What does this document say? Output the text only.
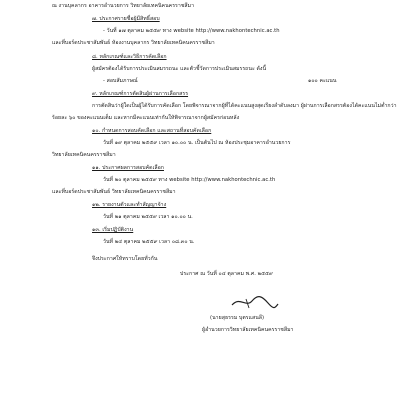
ณ งานบุคลากร อาคารอำนวยการ วิทยาลัยเทคนิคนครราชสีมา
๗. ประกาศรายชื่อผู้มีสิทธิ์สอบ
- วันที่ ๑๗ ตุลาคม ๒๕๕๙ ทาง website http://www.nakhontechnic.ac.th
และที่บอร์ดประชาสัมพันธ์ ห้องงานบุคลากร วิทยาลัยเทคนิคนครราชสีมา
๘. หลักเกณฑ์และวิธีการคัดเลือก
ผู้สมัครต้องได้รับการประเมินสมรรถนะ และตัวชี้วัดการประเมินสมรรถนะ ดังนี้
- สอบสัมภาษณ์	๑๐๐ คะแนน
๙. หลักเกณฑ์การตัดสินผู้ผ่านการเลือกสรร
การตัดสินว่าผู้ใดเป็นผู้ได้รับการคัดเลือก โดยพิจารณาจากผู้ที่ได้คะแนนสูงสุดเรียงลำดับลงมา ผู้ผ่านการเลือกสรรต้องได้คะแนนไม่ต่ำกว่า
ร้อยละ ๖๐ ของคะแนนเต็ม และหากมีคะแนนเท่ากันให้พิจารณาจากผู้สมัครก่อนหลัง
๑๐. กำหนดการสอบคัดเลือก และสถานที่สอบคัดเลือก
วันที่ ๑๙ ตุลาคม ๒๕๕๙ เวลา ๑๐.๐๐ น. เป็นต้นไป ณ ห้องประชุมอาคารอำนวยการ
วิทยาลัยเทคนิคนครราชสีมา
๑๑. ประกาศผลการสอบคัดเลือก
วันที่ ๒๐ ตุลาคม ๒๕๕๙ ทาง website http://www.nakhontechnic.ac.th
และที่บอร์ดประชาสัมพันธ์ วิทยาลัยเทคนิคนครราชสีมา
๑๒. รายงานตัวและทำสัญญาจ้าง
วันที่ ๒๑ ตุลาคม ๒๕๕๙ เวลา ๑๐.๐๐ น.
๑๓. เริ่มปฏิบัติงาน
วันที่ ๒๔ ตุลาคม ๒๕๕๙ เวลา ๐๘.๓๐ น.
จึงประกาศให้ทราบโดยทั่วกัน
ประกาศ ณ วันที่ ๐๔ ตุลาคม พ.ศ. ๒๕๕๙
(นายสุธรรม บุตรแสนลี)
ผู้อำนวยการวิทยาลัยเทคนิคนครราชสีมา
